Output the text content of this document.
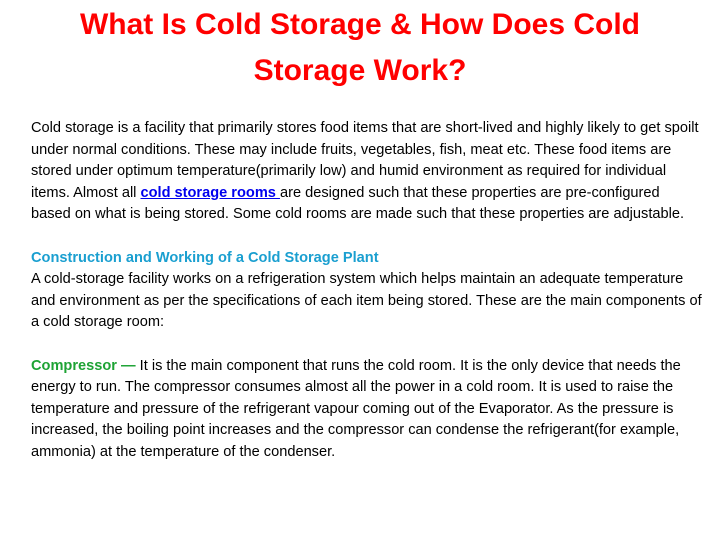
What Is Cold Storage & How Does Cold Storage Work?

Cold storage is a facility that primarily stores food items that are short-lived and highly likely to get spoilt under normal conditions. These may include fruits, vegetables, fish, meat etc. These food items are stored under optimum temperature(primarily low) and humid environment as required for individual items. Almost all cold storage rooms are designed such that these properties are pre-configured based on what is being stored. Some cold rooms are made such that these properties are adjustable.

Construction and Working of a Cold Storage Plant

A cold-storage facility works on a refrigeration system which helps maintain an adequate temperature and environment as per the specifications of each item being stored. These are the main components of a cold storage room:

Compressor — It is the main component that runs the cold room. It is the only device that needs the energy to run. The compressor consumes almost all the power in a cold room. It is used to raise the temperature and pressure of the refrigerant vapour coming out of the Evaporator. As the pressure is increased, the boiling point increases and the compressor can condense the refrigerant(for example, ammonia) at the temperature of the condenser.
